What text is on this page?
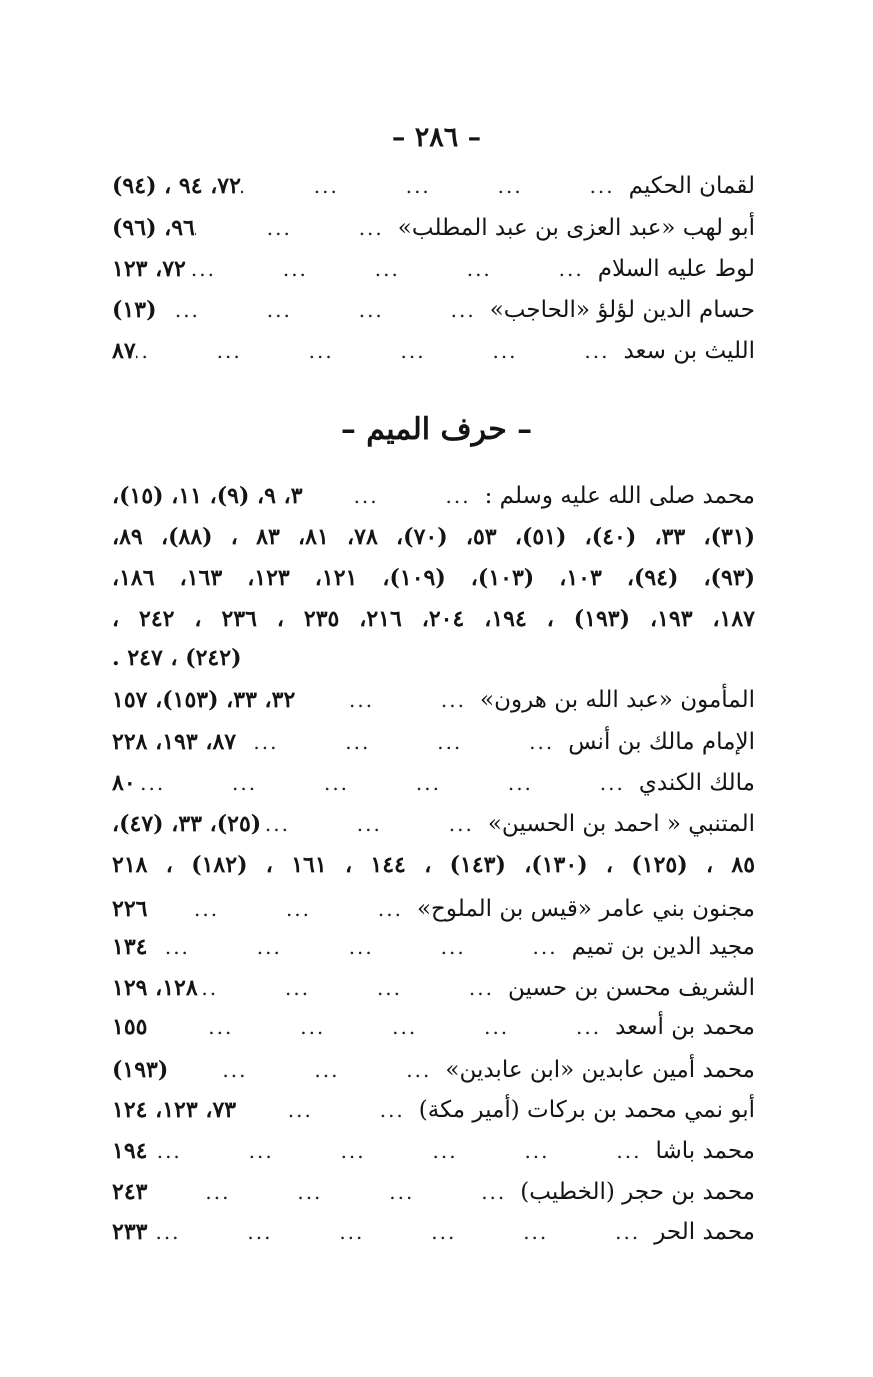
– ٢٨٦ –
لقمان الحكيم
...
٧٢، ٩٤ ، (٩٤)
أبو لهب «عبد العزى بن عبد المطلب»
...
٩٦، (٩٦)
لوط عليه السلام
...
٧٢، ١٢٣
حسام الدين لؤلؤ «الحاجب»
...
(١٣)
الليث بن سعد
...
٨٧
– حرف الميم –
محمد صلى الله عليه وسلم :
...
٣، ٩، (٩)، ١١، (١٥)،
(٣١)، ٣٣، (٤٠)، (٥١)، ٥٣، (٧٠)، ٧٨، ٨١، ٨٣ ، (٨٨)، ٨٩،
(٩٣)، (٩٤)، ١٠٣، (١٠٣)، (١٠٩)، ١٢١، ١٢٣، ١٦٣، ١٨٦،
١٨٧، ١٩٣، (١٩٣) ، ١٩٤، ٢٠٤، ٢١٦، ٢٣٥ ، ٢٣٦ ، ٢٤٢ ،
(٢٤٢) ، ٢٤٧ .
المأمون «عبد الله بن هرون»
...
٣٢، ٣٣، (١٥٣)، ١٥٧
الإمام مالك بن أنس
...
٨٧، ١٩٣، ٢٢٨
مالك الكندي
...
٨٠
المتنبي « احمد بن الحسين»
...
(٢٥)، ٣٣، (٤٧)،
٨٥ ، (١٢٥) ، (١٣٠)، (١٤٣) ، ١٤٤ ، ١٦١ ، (١٨٢) ، ٢١٨
مجنون بني عامر «قيس بن الملوح»
...
٢٢٦
مجيد الدين بن تميم
...
١٣٤
الشريف محسن بن حسين
...
١٢٨، ١٢٩
محمد بن أسعد
...
١٥٥
محمد أمين عابدين «ابن عابدين»
...
(١٩٣)
أبو نمي محمد بن بركات (أمير مكة)
...
٧٣، ١٢٣، ١٢٤
محمد باشا
...
١٩٤
محمد بن حجر (الخطيب)
...
٢٤٣
محمد الحر
...
٢٣٣
